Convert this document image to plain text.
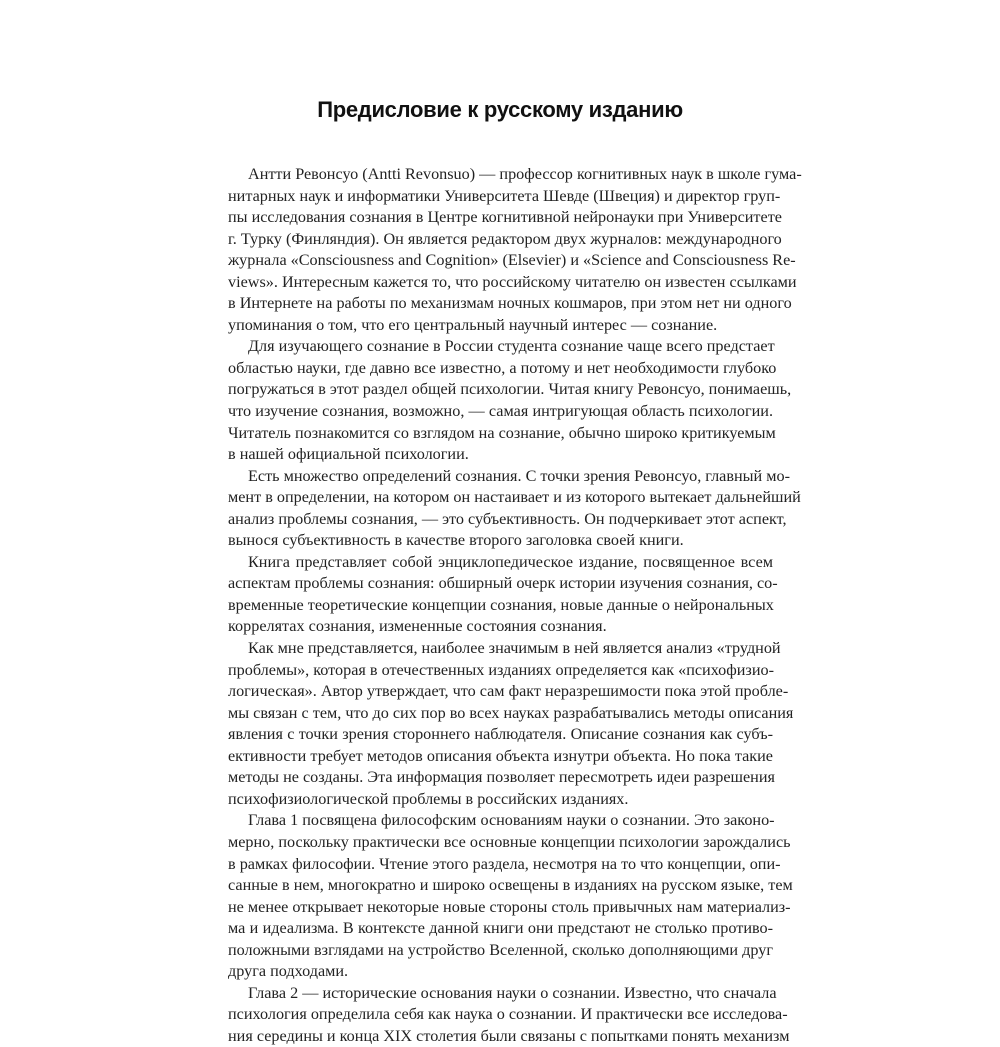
Предисловие к русскому изданию
Антти Ревонсуо (Antti Revonsuo) — профессор когнитивных наук в школе гума-
нитарных наук и информатики Университета Шевде (Швеция) и директор груп-
пы исследования сознания в Центре когнитивной нейронауки при Университете
г. Турку (Финляндия). Он является редактором двух журналов: международного
журнала «Consciousness and Cognition» (Elsevier) и «Science and Consciousness Re-
views». Интересным кажется то, что российскому читателю он известен ссылками
в Интернете на работы по механизмам ночных кошмаров, при этом нет ни одного
упоминания о том, что его центральный научный интерес — сознание.
Для изучающего сознание в России студента сознание чаще всего предстает
областью науки, где давно все известно, а потому и нет необходимости глубоко
погружаться в этот раздел общей психологии. Читая книгу Ревонсуо, понимаешь,
что изучение сознания, возможно, — самая интригующая область психологии.
Читатель познакомится со взглядом на сознание, обычно широко критикуемым
в нашей официальной психологии.
Есть множество определений сознания. С точки зрения Ревонсуо, главный мо-
мент в определении, на котором он настаивает и из которого вытекает дальнейший
анализ проблемы сознания, — это субъективность. Он подчеркивает этот аспект,
вынося субъективность в качестве второго заголовка своей книги.
Книга представляет собой энциклопедическое издание, посвященное всем
аспектам проблемы сознания: обширный очерк истории изучения сознания, со-
временные теоретические концепции сознания, новые данные о нейрональных
коррелятах сознания, измененные состояния сознания.
Как мне представляется, наиболее значимым в ней является анализ «трудной
проблемы», которая в отечественных изданиях определяется как «психофизио-
логическая». Автор утверждает, что сам факт неразрешимости пока этой пробле-
мы связан с тем, что до сих пор во всех науках разрабатывались методы описания
явления с точки зрения стороннего наблюдателя. Описание сознания как субъ-
ективности требует методов описания объекта изнутри объекта. Но пока такие
методы не созданы. Эта информация позволяет пересмотреть идеи разрешения
психофизиологической проблемы в российских изданиях.
Глава 1 посвящена философским основаниям науки о сознании. Это законо-
мерно, поскольку практически все основные концепции психологии зарождались
в рамках философии. Чтение этого раздела, несмотря на то что концепции, опи-
санные в нем, многократно и широко освещены в изданиях на русском языке, тем
не менее открывает некоторые новые стороны столь привычных нам материализ-
ма и идеализма. В контексте данной книги они предстают не столько противо-
положными взглядами на устройство Вселенной, сколько дополняющими друг
друга подходами.
Глава 2 — исторические основания науки о сознании. Известно, что сначала
психология определила себя как наука о сознании. И практически все исследова-
ния середины и конца XIX столетия были связаны с попытками понять механизм
